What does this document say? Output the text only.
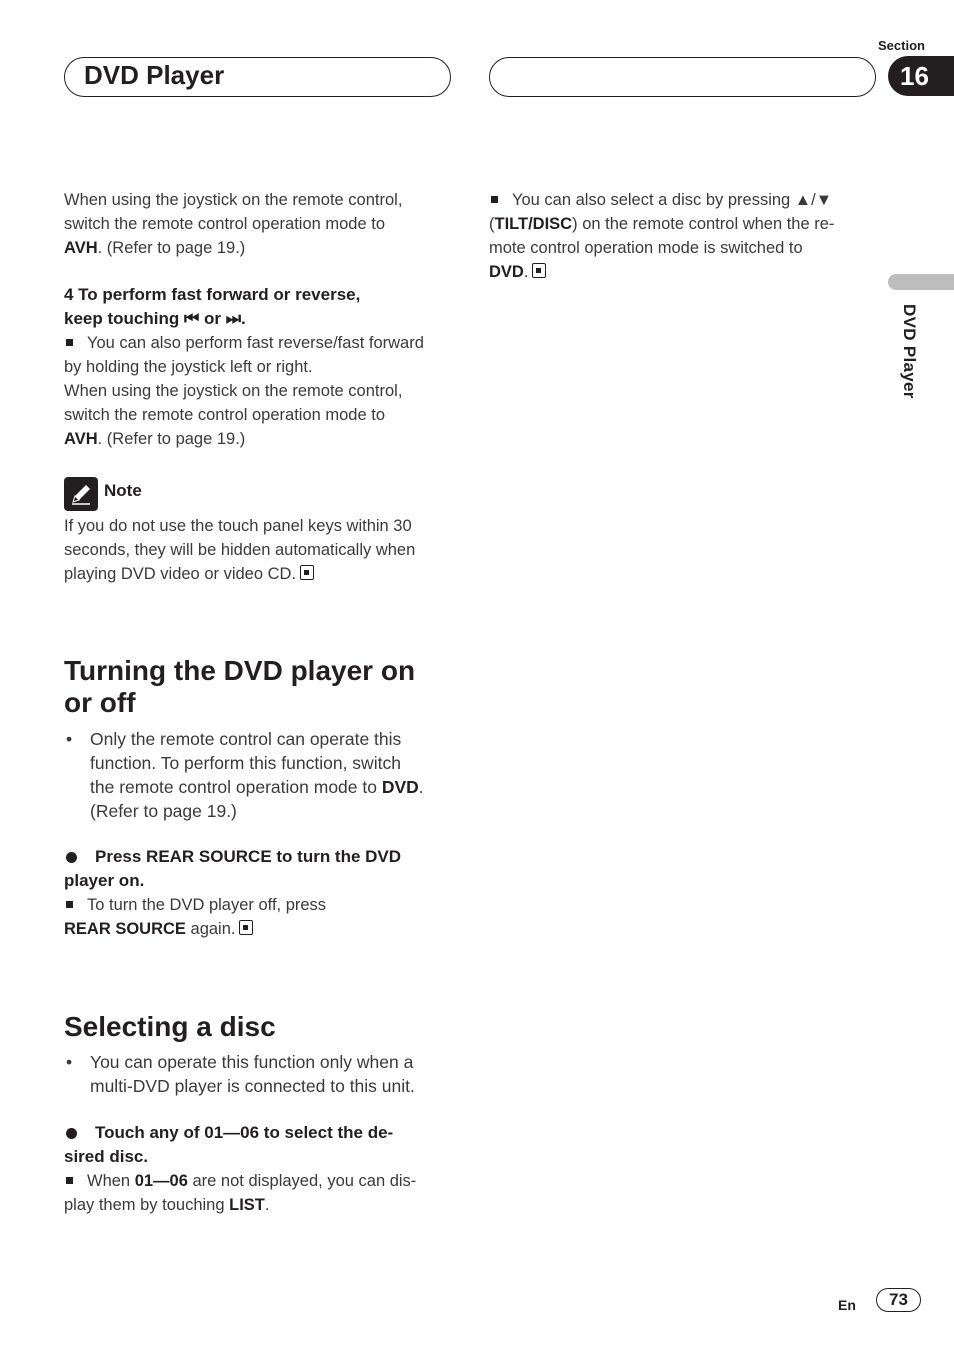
DVD Player
Section
16
DVD Player
When using the joystick on the remote control,
switch the remote control operation mode to
AVH. (Refer to page 19.)
4 To perform fast forward or reverse,
keep touching ⏮ or ⏭.
You can also perform fast reverse/fast forward
by holding the joystick left or right.
When using the joystick on the remote control,
switch the remote control operation mode to
AVH. (Refer to page 19.)
Note
If you do not use the touch panel keys within 30
seconds, they will be hidden automatically when
playing DVD video or video CD.
Turning the DVD player on
or off
• Only the remote control can operate this
function. To perform this function, switch
the remote control operation mode to DVD.
(Refer to page 19.)
Press REAR SOURCE to turn the DVD
player on.
To turn the DVD player off, press
REAR SOURCE again.
Selecting a disc
• You can operate this function only when a
multi-DVD player is connected to this unit.
Touch any of 01—06 to select the de-
sired disc.
When 01—06 are not displayed, you can dis-
play them by touching LIST.
You can also select a disc by pressing ▲/▼
(TILT/DISC) on the remote control when the re-
mote control operation mode is switched to
DVD.
En	73
